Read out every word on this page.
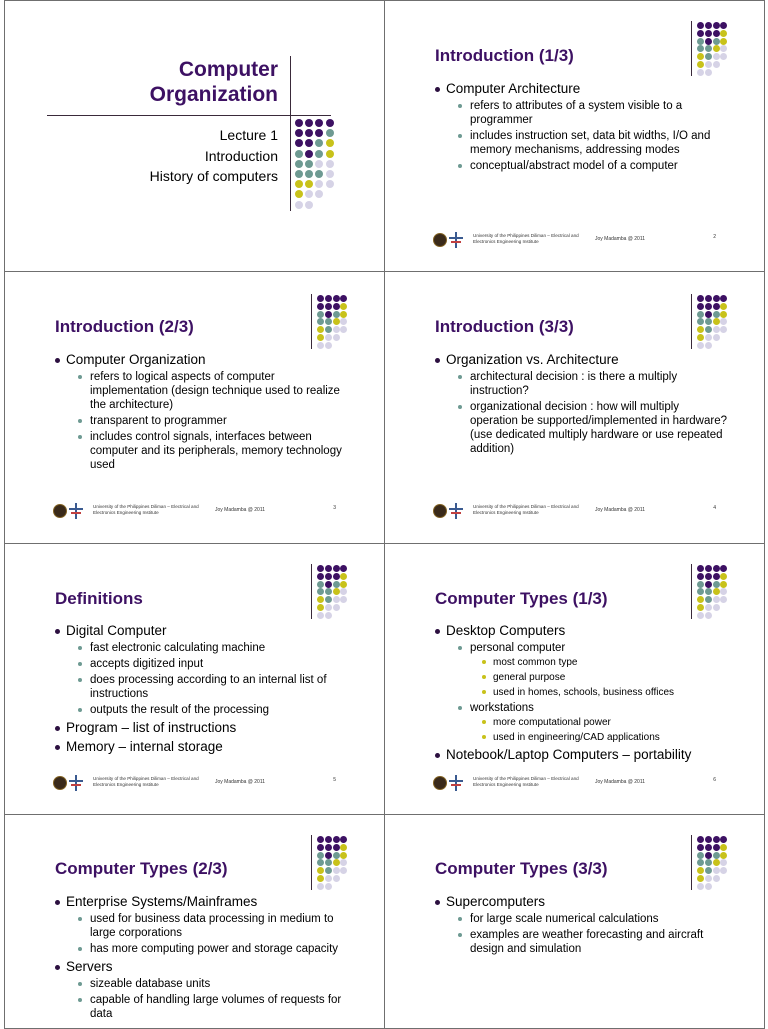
Computer
Organization
Lecture 1
Introduction
History of computers
Introduction (1/3)
Computer Architecture
refers to attributes of a system visible to a programmer
includes instruction set, data bit widths, I/O and memory mechanisms, addressing modes
conceptual/abstract model of a computer
University of the Philippines Diliman – Electrical and Electronics Engineering Institute	Joy Madamba @ 2011	2
Introduction (2/3)
Computer Organization
refers to logical aspects of computer implementation (design technique used to realize the architecture)
transparent to programmer
includes control signals, interfaces between computer and its peripherals, memory technology used
University of the Philippines Diliman – Electrical and Electronics Engineering Institute	Joy Madamba @ 2011	3
Introduction (3/3)
Organization vs. Architecture
architectural decision : is there a multiply instruction?
organizational decision : how will multiply operation be supported/implemented in hardware? (use dedicated multiply hardware or use repeated addition)
University of the Philippines Diliman – Electrical and Electronics Engineering Institute	Joy Madamba @ 2011	4
Definitions
Digital Computer
fast electronic calculating machine
accepts digitized input
does processing according to an internal list of instructions
outputs the result of the processing
Program – list of instructions
Memory – internal storage
University of the Philippines Diliman – Electrical and Electronics Engineering Institute	Joy Madamba @ 2011	5
Computer Types (1/3)
Desktop Computers
personal computer
most common type
general purpose
used in homes, schools, business offices
workstations
more computational power
used in engineering/CAD applications
Notebook/Laptop Computers – portability
University of the Philippines Diliman – Electrical and Electronics Engineering Institute	Joy Madamba @ 2011	6
Computer Types (2/3)
Enterprise Systems/Mainframes
used for business data processing in medium to large corporations
has more computing power and storage capacity
Servers
sizeable database units
capable of handling large volumes of requests for data
Computer Types (3/3)
Supercomputers
for large scale numerical calculations
examples are weather forecasting and aircraft design and simulation
